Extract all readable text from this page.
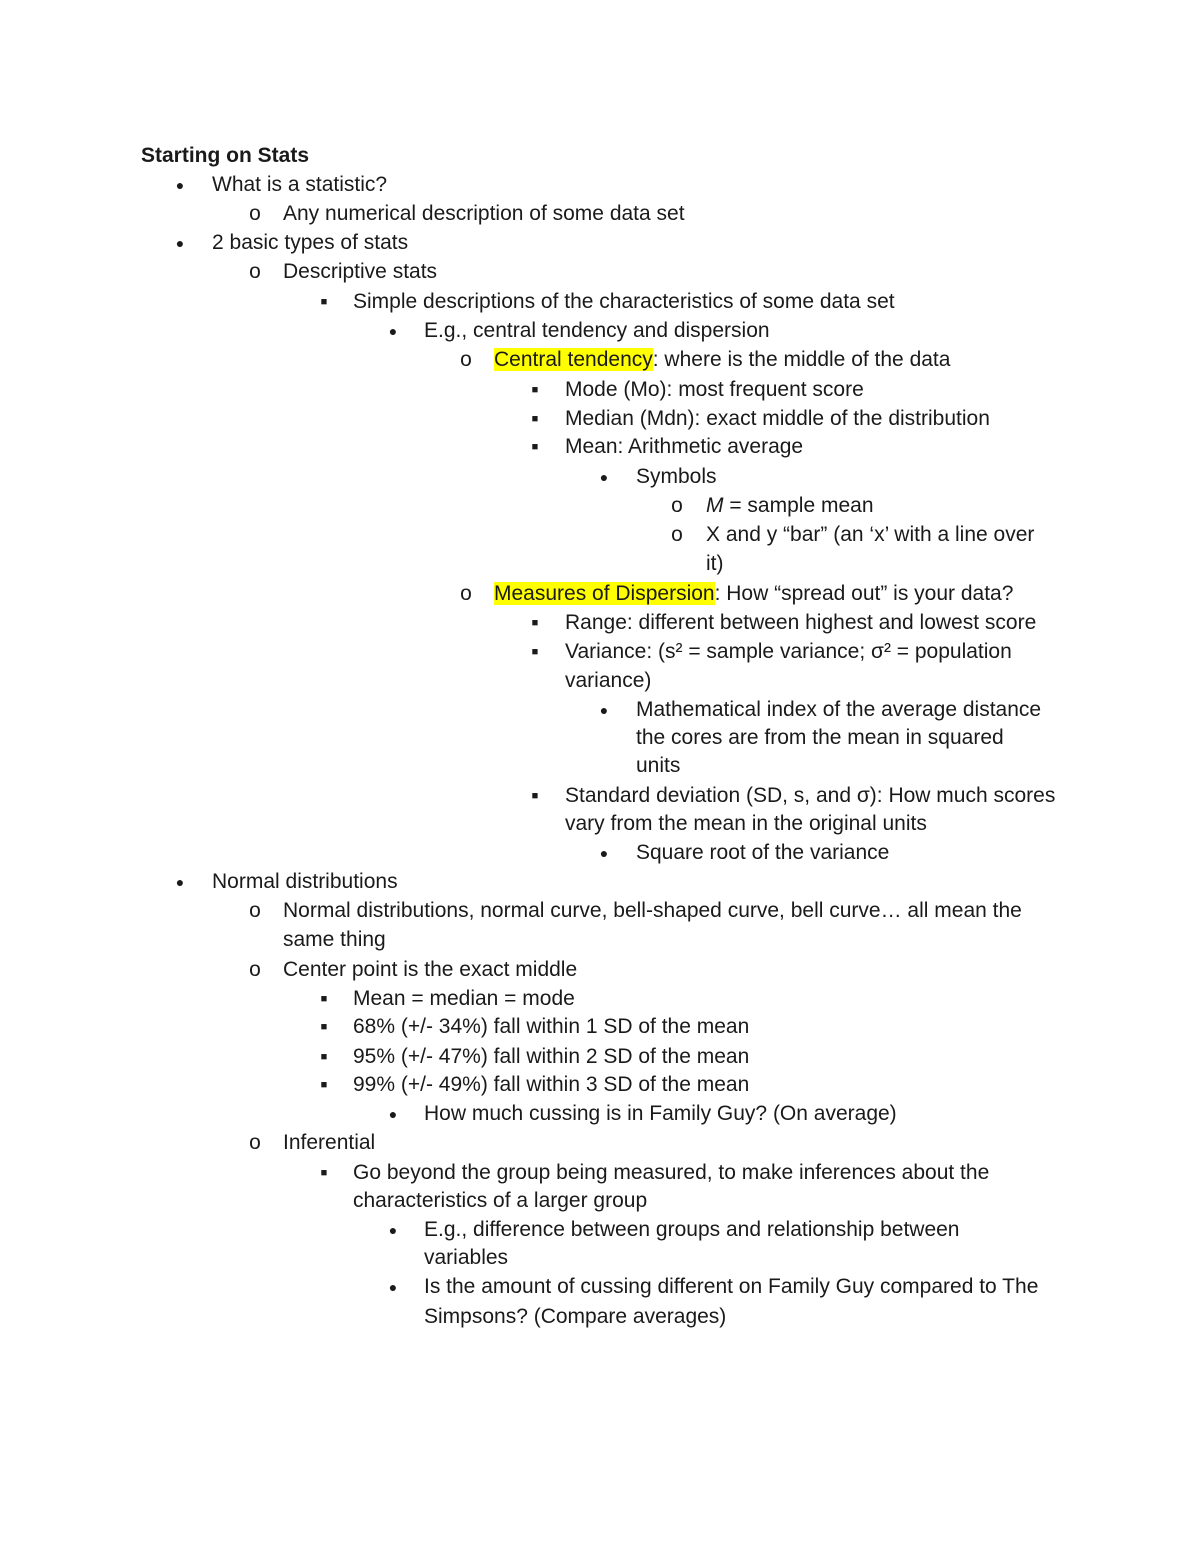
Starting on Stats
● What is a statistic?
o Any numerical description of some data set
● 2 basic types of stats
o Descriptive stats
■	Simple descriptions of the characteristics of some data set
● E.g., central tendency and dispersion
o Central tendency: where is the middle of the data
■	Mode (Mo): most frequent score
■	Median (Mdn): exact middle of the distribution
■	Mean: Arithmetic average
● Symbols
o M = sample mean
o X and y “bar” (an ‘x’ with a line over
it)
o Measures of Dispersion: How “spread out” is your data?
■	Range: different between highest and lowest score
■	Variance: (s² = sample variance; σ² = population
variance)
● Mathematical index of the average distance
the cores are from the mean in squared
units
■	Standard deviation (SD, s, and σ): How much scores
vary from the mean in the original units
● Square root of the variance
● Normal distributions
o Normal distributions, normal curve, bell-shaped curve, bell curve… all mean the
same thing
o Center point is the exact middle
■	Mean = median = mode
■	68% (+/- 34%) fall within 1 SD of the mean
■	95% (+/- 47%) fall within 2 SD of the mean
■	99% (+/- 49%) fall within 3 SD of the mean
● How much cussing is in Family Guy? (On average)
o Inferential
■	Go beyond the group being measured, to make inferences about the
characteristics of a larger group
● E.g., difference between groups and relationship between
variables
● Is the amount of cussing different on Family Guy compared to The
Simpsons? (Compare averages)
